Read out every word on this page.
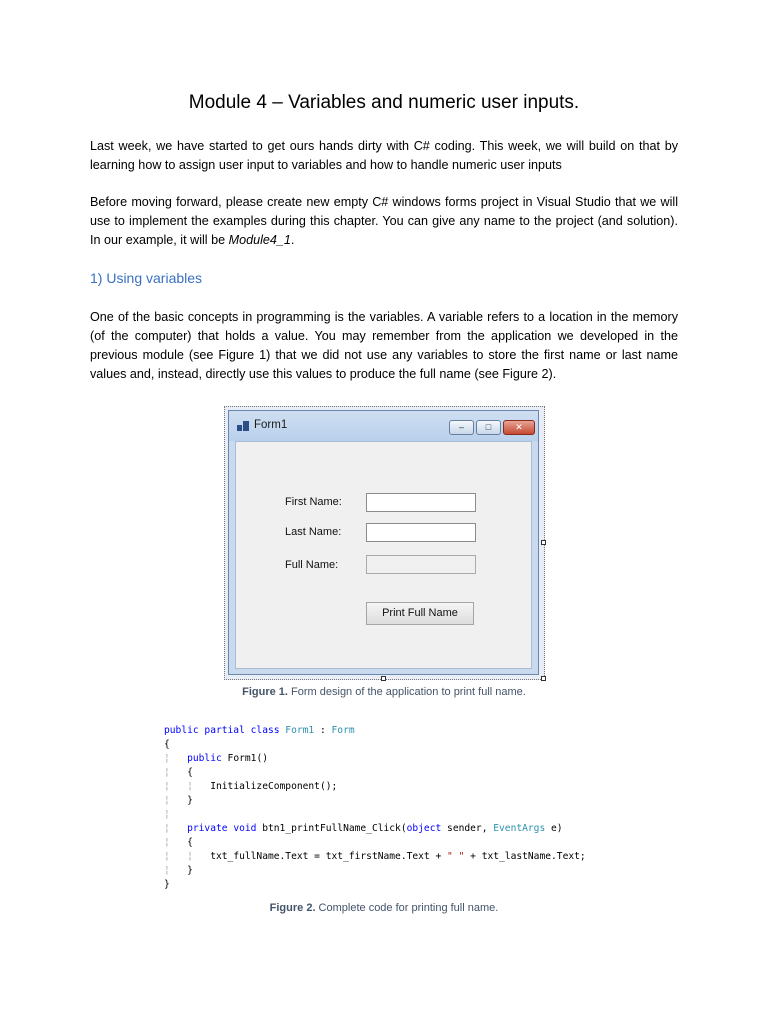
Module 4 – Variables and numeric user inputs.

Last week, we have started to get ours hands dirty with C# coding. This week, we will build on that by learning how to assign user input to variables and how to handle numeric user inputs

Before moving forward, please create new empty C# windows forms project in Visual Studio that we will use to implement the examples during this chapter. You can give any name to the project (and solution). In our example, it will be Module4_1.

1) Using variables

One of the basic concepts in programming is the variables. A variable refers to a location in the memory (of the computer) that holds a value. You may remember from the application we developed in the previous module (see Figure 1) that we did not use any variables to store the first name or last name values and, instead, directly use this values to produce the full name (see Figure 2).

Form1	–	□	✕
First Name:
Last Name:
Full Name:
Print Full Name

Figure 1. Form design of the application to print full name.

public partial class Form1 : Form
{
¦ public Form1()
¦ {
¦ ¦ InitializeComponent();
¦ }
¦
¦ private void btn1_printFullName_Click(object sender, EventArgs e)
¦ {
¦ ¦ txt_fullName.Text = txt_firstName.Text + " " + txt_lastName.Text;
¦ }
}

Figure 2. Complete code for printing full name.
